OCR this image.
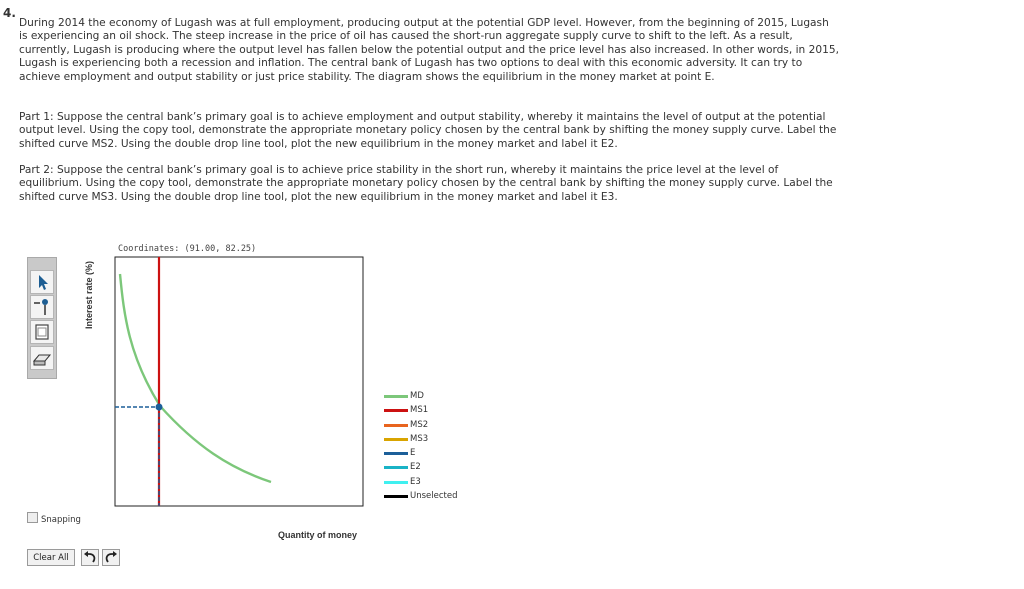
4.

During 2014 the economy of Lugash was at full employment, producing output at the potential GDP level. However, from the beginning of 2015, Lugash is experiencing an oil shock. The steep increase in the price of oil has caused the short-run aggregate supply curve to shift to the left. As a result, currently, Lugash is producing where the output level has fallen below the potential output and the price level has also increased. In other words, in 2015, Lugash is experiencing both a recession and inflation. The central bank of Lugash has two options to deal with this economic adversity. It can try to achieve employment and output stability or just price stability. The diagram shows the equilibrium in the money market at point E.

Part 1: Suppose the central bank’s primary goal is to achieve employment and output stability, whereby it maintains the level of output at the potential output level. Using the copy tool, demonstrate the appropriate monetary policy chosen by the central bank by shifting the money supply curve. Label the shifted curve MS2. Using the double drop line tool, plot the new equilibrium in the money market and label it E2.

Part 2: Suppose the central bank’s primary goal is to achieve price stability in the short run, whereby it maintains the price level at the level of equilibrium. Using the copy tool, demonstrate the appropriate monetary policy chosen by the central bank by shifting the money supply curve. Label the shifted curve MS3. Using the double drop line tool, plot the new equilibrium in the money market and label it E3.

Interest rate (%)
Coordinates: (91.00, 82.25)
Quantity of money
MD
MS1
MS2
MS3
E
E2
E3
Unselected
Snapping
Clear All
